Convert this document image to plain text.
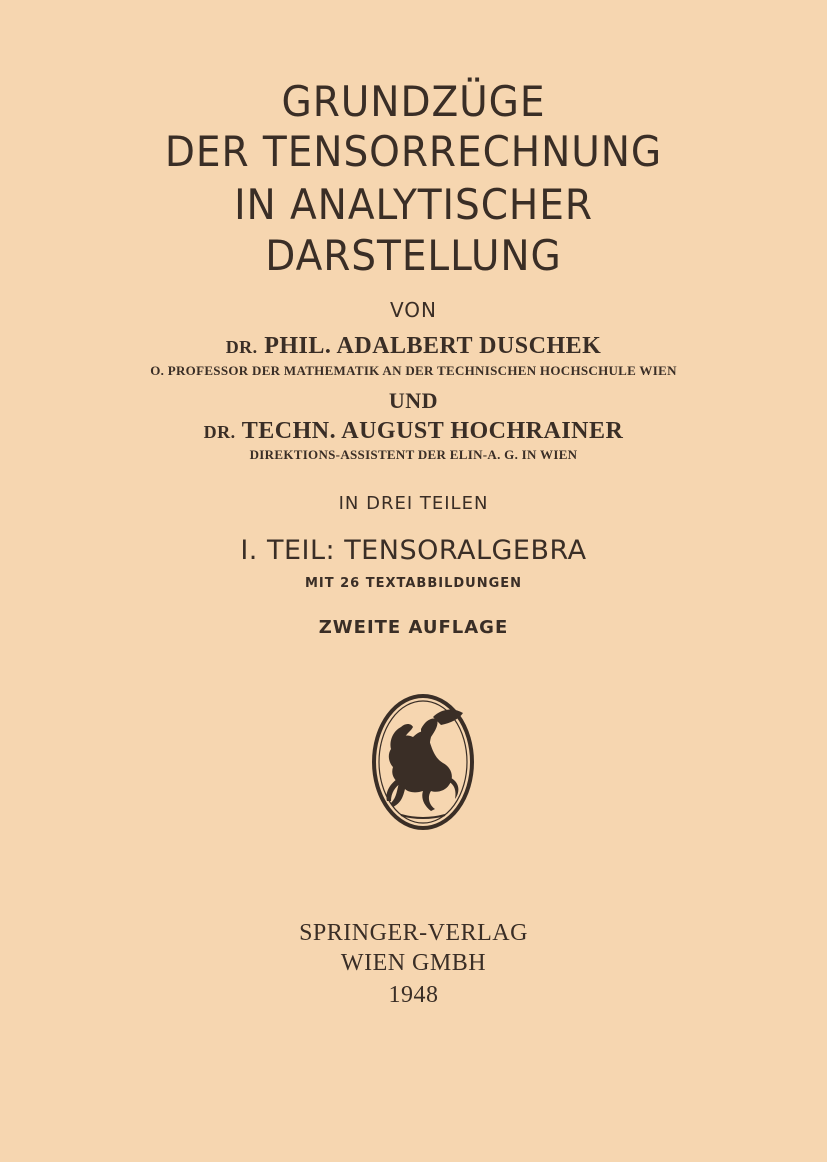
GRUNDZÜGE
DER TENSORRECHNUNG
IN ANALYTISCHER
DARSTELLUNG
VON
DR. PHIL. ADALBERT DUSCHEK
O. PROFESSOR DER MATHEMATIK AN DER TECHNISCHEN HOCHSCHULE WIEN
UND
DR. TECHN. AUGUST HOCHRAINER
DIREKTIONS-ASSISTENT DER ELIN-A. G. IN WIEN
IN DREI TEILEN
I. TEIL: TENSORALGEBRA
MIT 26 TEXTABBILDUNGEN
ZWEITE AUFLAGE
SPRINGER-VERLAG
WIEN GMBH
1948
